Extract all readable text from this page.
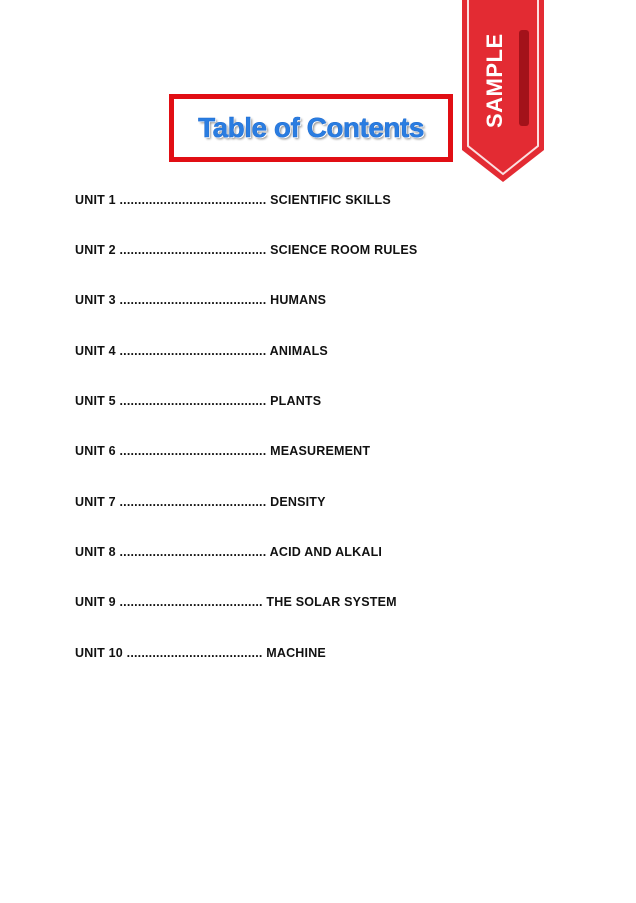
Table of Contents	SAMPLE
UNIT 1 ........................................ SCIENTIFIC SKILLS
UNIT 2 ........................................ SCIENCE ROOM RULES
UNIT 3 ........................................ HUMANS
UNIT 4 ........................................ ANIMALS
UNIT 5 ........................................ PLANTS
UNIT 6 ........................................ MEASUREMENT
UNIT 7 ........................................ DENSITY
UNIT 8 ........................................ ACID AND ALKALI
UNIT 9 ....................................... THE SOLAR SYSTEM
UNIT 10 ..................................... MACHINE
